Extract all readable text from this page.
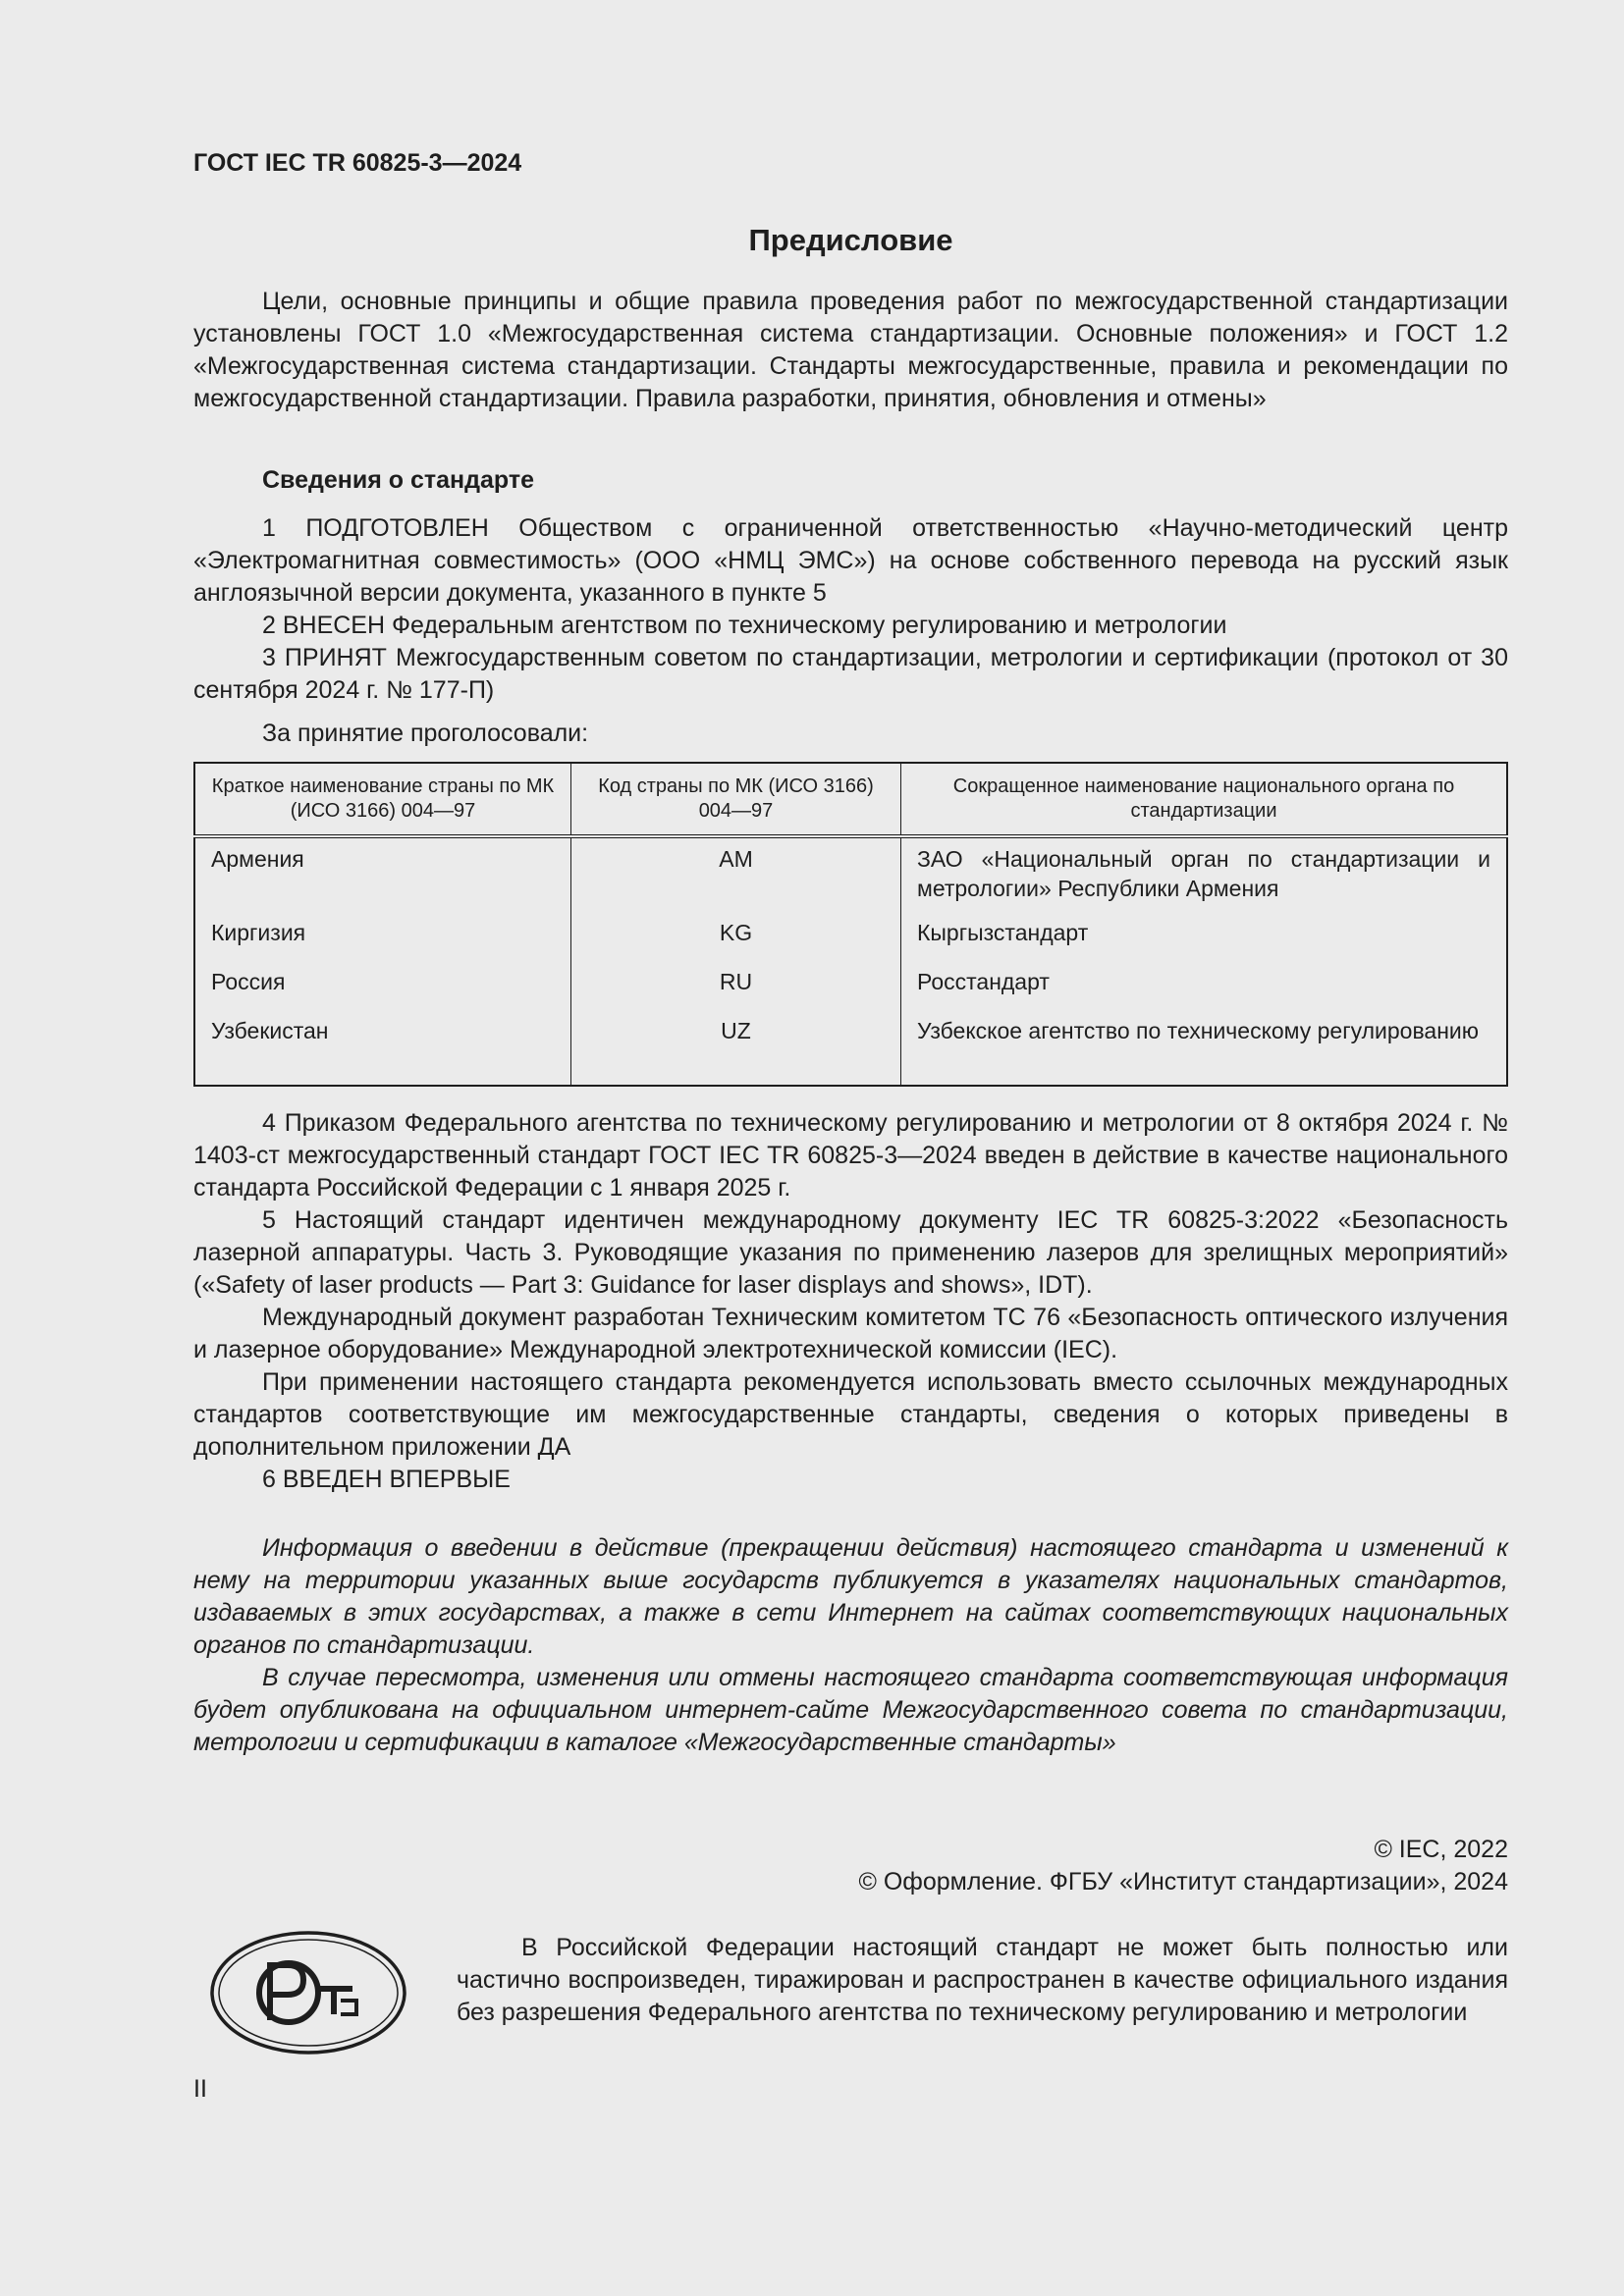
ГОСТ IEC TR 60825-3—2024
Предисловие

Цели, основные принципы и общие правила проведения работ по межгосударственной стандартизации установлены ГОСТ 1.0 «Межгосударственная система стандартизации. Основные положения» и ГОСТ 1.2 «Межгосударственная система стандартизации. Стандарты межгосударственные, правила и рекомендации по межгосударственной стандартизации. Правила разработки, принятия, обновления и отмены»

Сведения о стандарте

1 ПОДГОТОВЛЕН Обществом с ограниченной ответственностью «Научно-методический центр «Электромагнитная совместимость» (ООО «НМЦ ЭМС») на основе собственного перевода на русский язык англоязычной версии документа, указанного в пункте 5

2 ВНЕСЕН Федеральным агентством по техническому регулированию и метрологии

3 ПРИНЯТ Межгосударственным советом по стандартизации, метрологии и сертификации (протокол от 30 сентября 2024 г. № 177-П)

За принятие проголосовали:

Краткое наименование страны по МК (ИСО 3166) 004—97	Код страны по МК (ИСО 3166) 004—97	Сокращенное наименование национального органа по стандартизации
Армения	AM	ЗАО «Национальный орган по стандартизации и метрологии» Республики Армения
Киргизия	KG	Кыргызстандарт
Россия	RU	Росстандарт
Узбекистан	UZ	Узбекское агентство по техническому регулированию

4 Приказом Федерального агентства по техническому регулированию и метрологии от 8 октября 2024 г. № 1403-ст межгосударственный стандарт ГОСТ IEC TR 60825-3—2024 введен в действие в качестве национального стандарта Российской Федерации с 1 января 2025 г.

5 Настоящий стандарт идентичен международному документу IEC TR 60825-3:2022 «Безопасность лазерной аппаратуры. Часть 3. Руководящие указания по применению лазеров для зрелищных мероприятий» («Safety of laser products — Part 3: Guidance for laser displays and shows», IDT).

Международный документ разработан Техническим комитетом ТС 76 «Безопасность оптического излучения и лазерное оборудование» Международной электротехнической комиссии (IEC).

При применении настоящего стандарта рекомендуется использовать вместо ссылочных международных стандартов соответствующие им межгосударственные стандарты, сведения о которых приведены в дополнительном приложении ДА

6 ВВЕДЕН ВПЕРВЫЕ

Информация о введении в действие (прекращении действия) настоящего стандарта и изменений к нему на территории указанных выше государств публикуется в указателях национальных стандартов, издаваемых в этих государствах, а также в сети Интернет на сайтах соответствующих национальных органов по стандартизации.

В случае пересмотра, изменения или отмены настоящего стандарта соответствующая информация будет опубликована на официальном интернет-сайте Межгосударственного совета по стандартизации, метрологии и сертификации в каталоге «Межгосударственные стандарты»

© IEC, 2022
© Оформление. ФГБУ «Институт стандартизации», 2024

В Российской Федерации настоящий стандарт не может быть полностью или частично воспроизведен, тиражирован и распространен в качестве официального издания без разрешения Федерального агентства по техническому регулированию и метрологии

II
